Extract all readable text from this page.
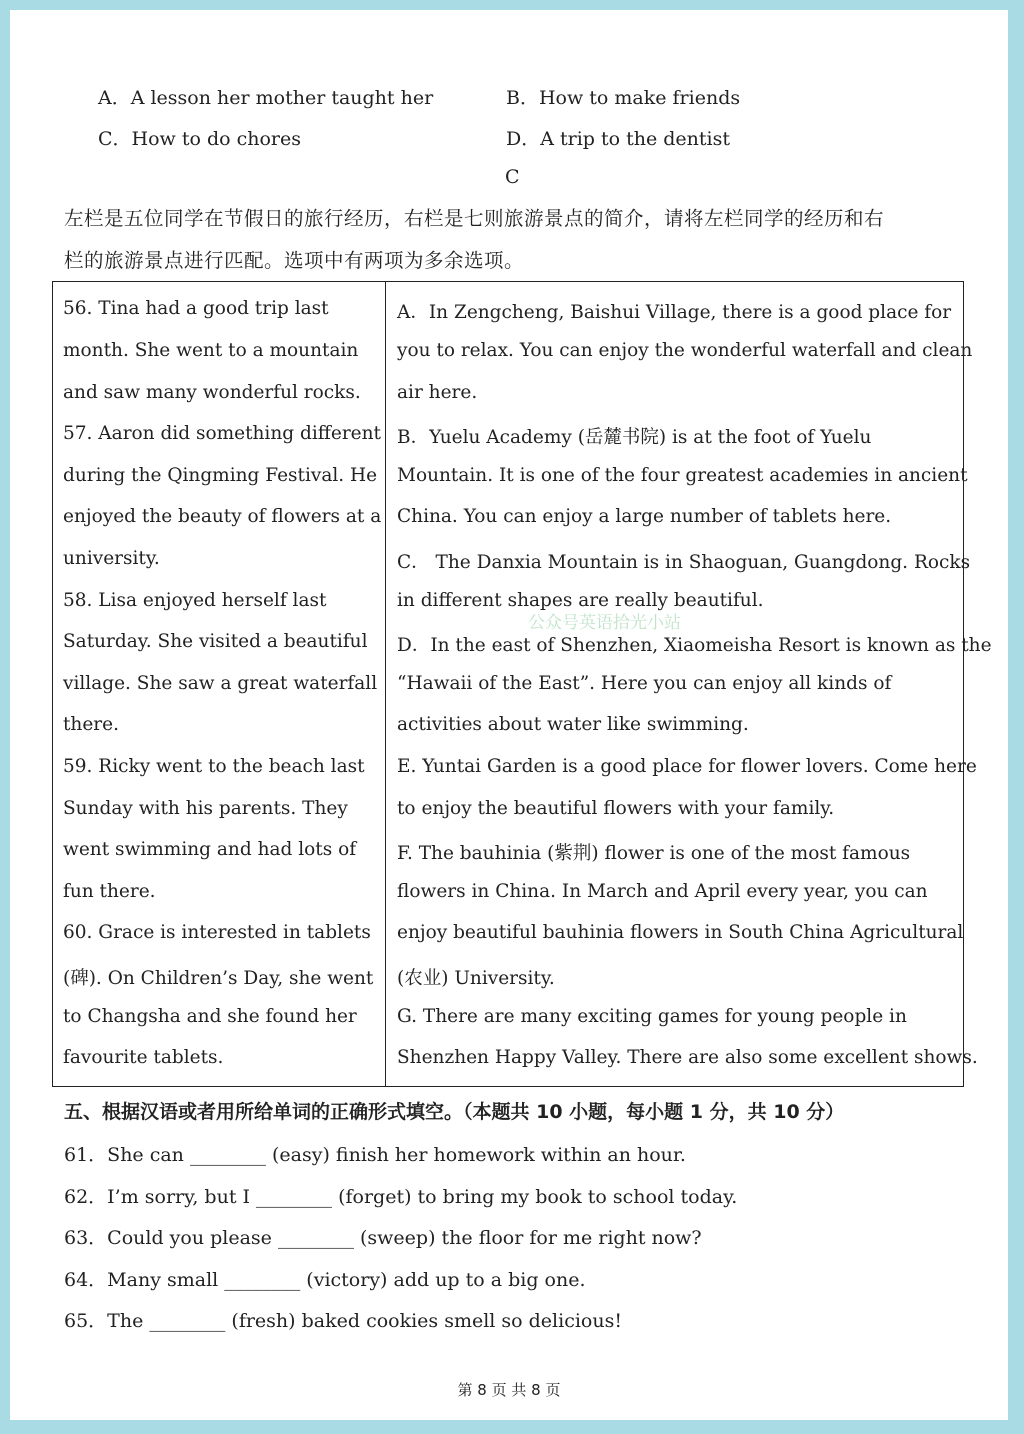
A．A lesson her mother taught her	B．How to make friends
C．How to do chores	D．A trip to the dentist
C
左栏是五位同学在节假日的旅行经历，右栏是七则旅游景点的简介，请将左栏同学的经历和右
栏的旅游景点进行匹配。选项中有两项为多余选项。
56. Tina had a good trip last
month. She went to a mountain
and saw many wonderful rocks.
57. Aaron did something different
during the Qingming Festival. He
enjoyed the beauty of flowers at a
university.
58. Lisa enjoyed herself last
Saturday. She visited a beautiful
village. She saw a great waterfall
there.
59. Ricky went to the beach last
Sunday with his parents. They
went swimming and had lots of
fun there.
60. Grace is interested in tablets
(碑). On Children’s Day, she went
to Changsha and she found her
favourite tablets.
A．In Zengcheng, Baishui Village, there is a good place for
you to relax. You can enjoy the wonderful waterfall and clean
air here.
B．Yuelu Academy (岳麓书院) is at the foot of Yuelu
Mountain. It is one of the four greatest academies in ancient
China. You can enjoy a large number of tablets here.
C． The Danxia Mountain is in Shaoguan, Guangdong. Rocks
in different shapes are really beautiful.
D．In the east of Shenzhen, Xiaomeisha Resort is known as the
“Hawaii of the East”. Here you can enjoy all kinds of
activities about water like swimming.
E. Yuntai Garden is a good place for flower lovers. Come here
to enjoy the beautiful flowers with your family.
F. The bauhinia (紫荆) flower is one of the most famous
flowers in China. In March and April every year, you can
enjoy beautiful bauhinia flowers in South China Agricultural
(农业) University.
G. There are many exciting games for young people in
Shenzhen Happy Valley. There are also some excellent shows.
公众号英语拾光小站
五、根据汉语或者用所给单词的正确形式填空。（本题共 10 小题，每小题 1 分，共 10 分）
61．She can ________ (easy) finish her homework within an hour.
62．I’m sorry, but I ________ (forget) to bring my book to school today.
63．Could you please ________ (sweep) the floor for me right now?
64．Many small ________ (victory) add up to a big one.
65．The ________ (fresh) baked cookies smell so delicious!
第 8 页 共 8 页
